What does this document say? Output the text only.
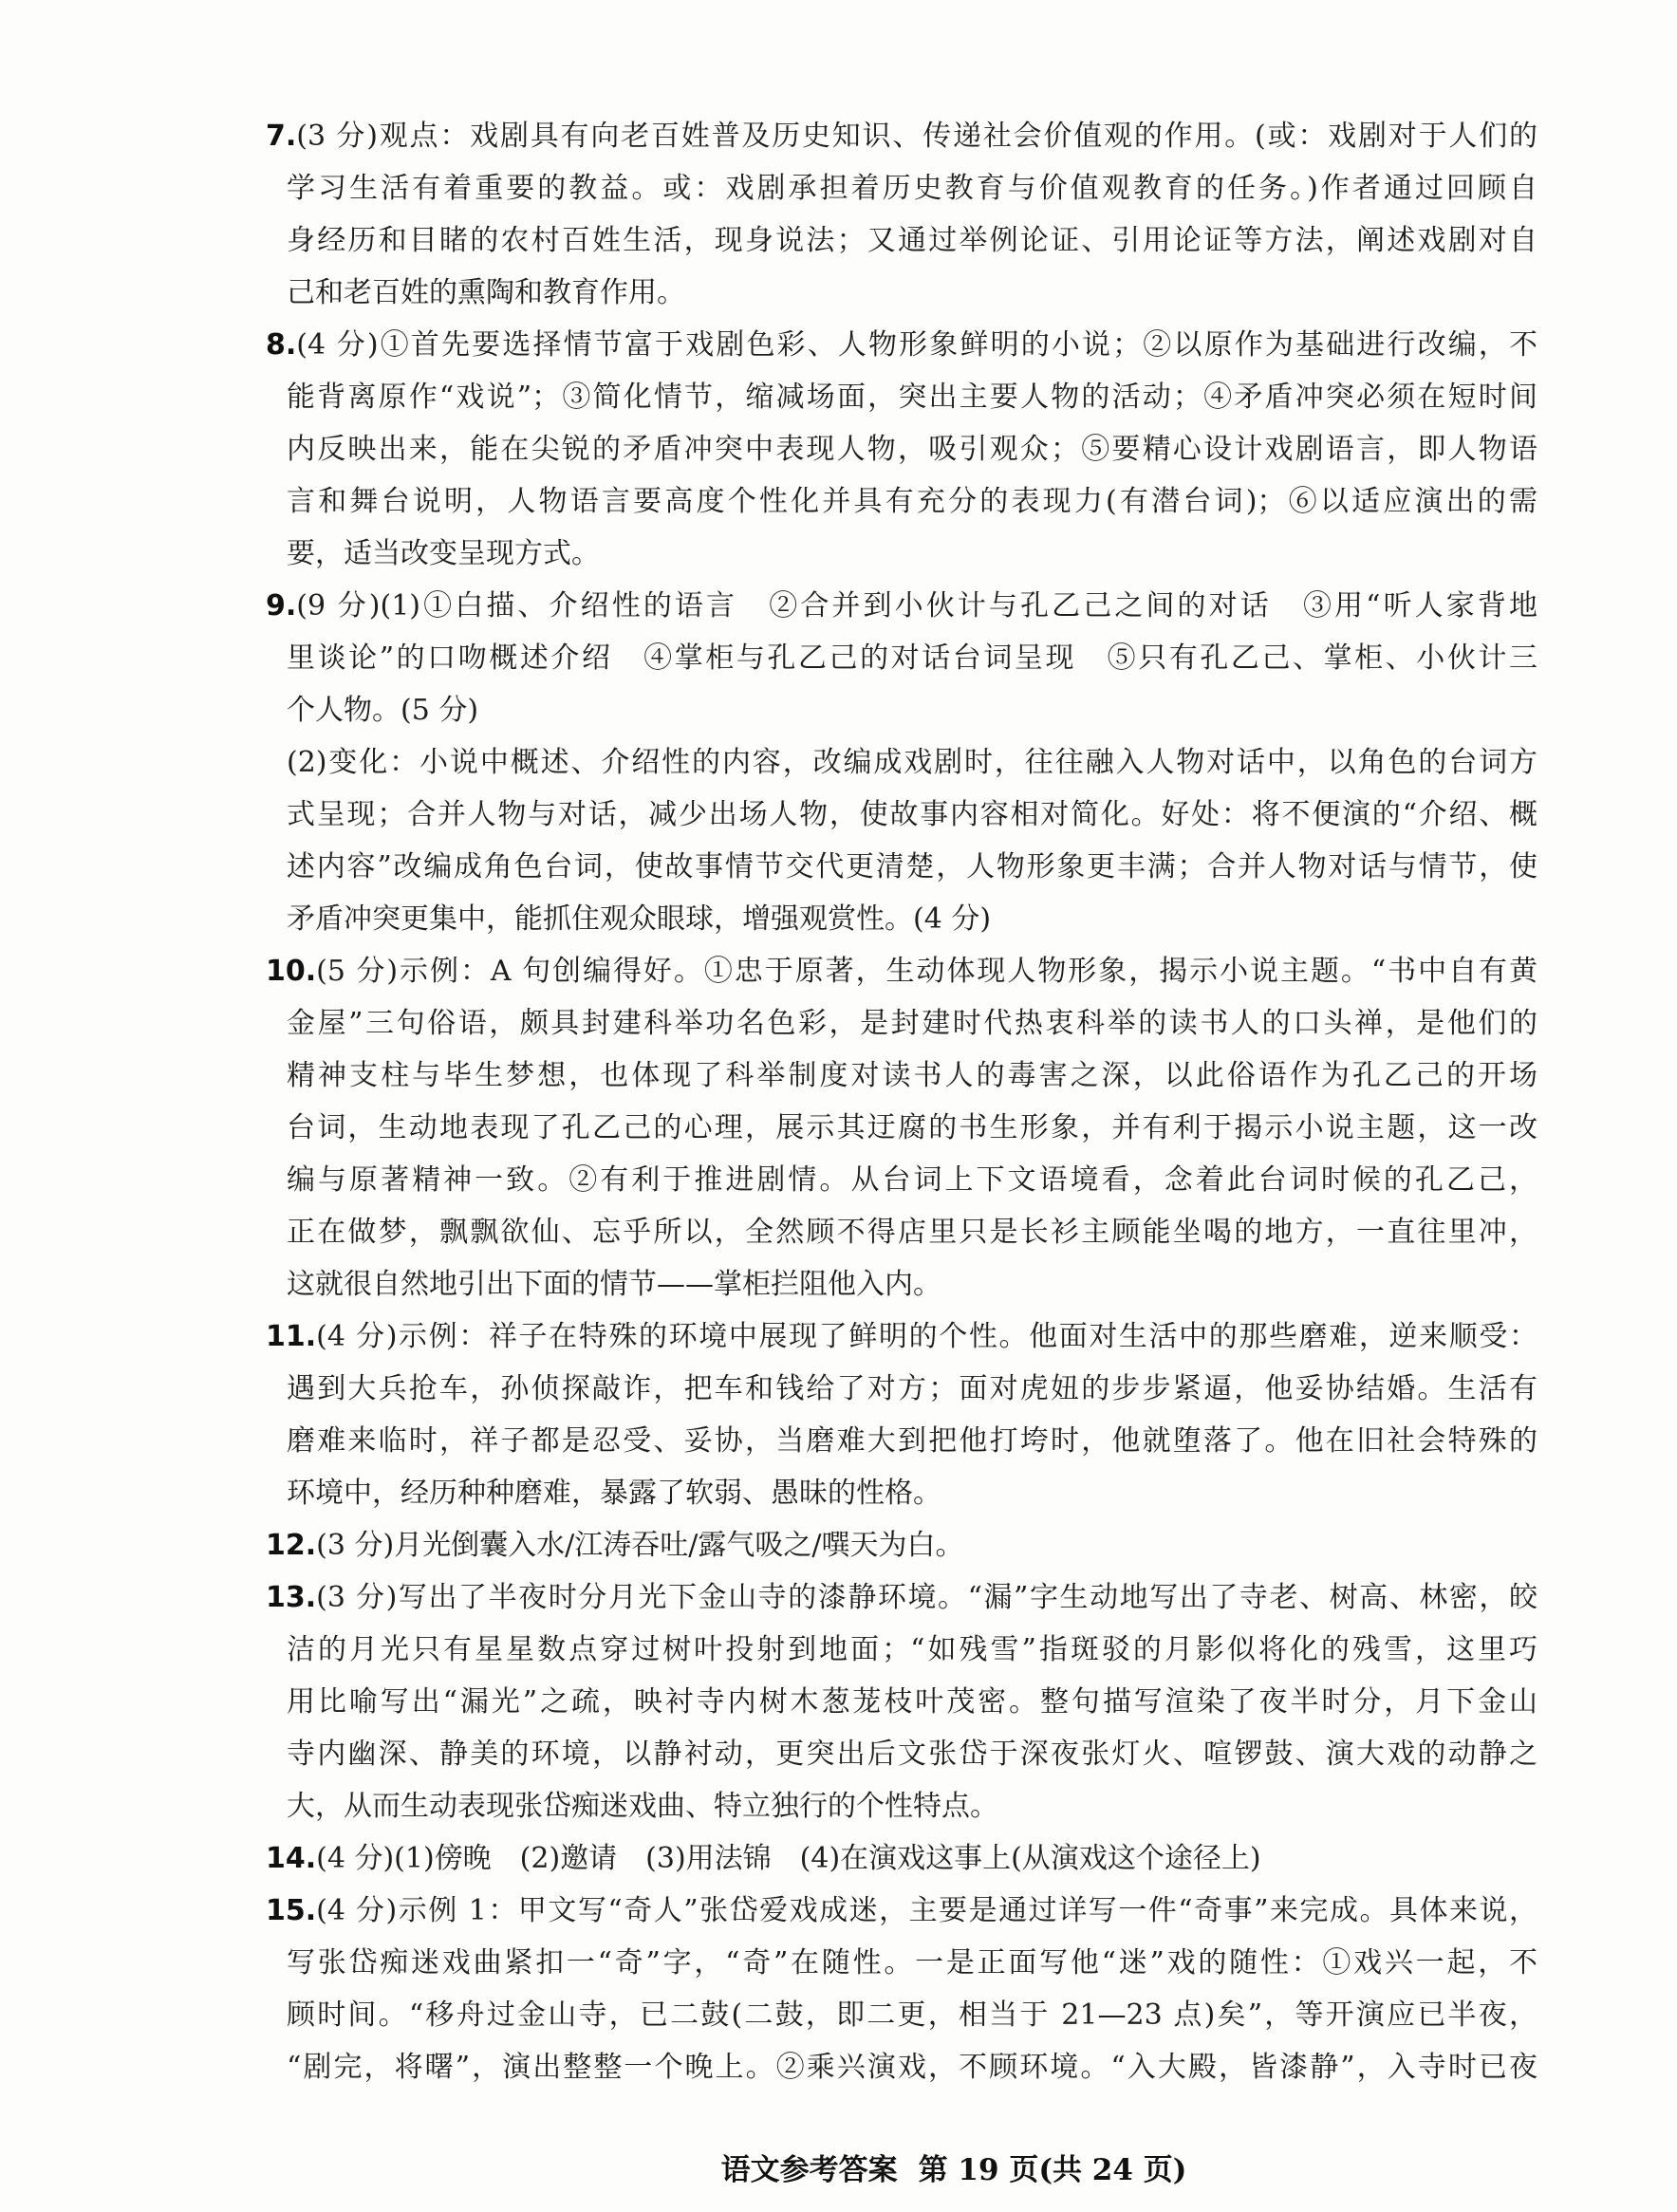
7.(3 分)观点：戏剧具有向老百姓普及历史知识、传递社会价值观的作用。(或：戏剧对于人们的
学习生活有着重要的教益。或：戏剧承担着历史教育与价值观教育的任务。)作者通过回顾自
身经历和目睹的农村百姓生活，现身说法；又通过举例论证、引用论证等方法，阐述戏剧对自
己和老百姓的熏陶和教育作用。
8.(4 分)①首先要选择情节富于戏剧色彩、人物形象鲜明的小说；②以原作为基础进行改编，不
能背离原作“戏说”；③简化情节，缩减场面，突出主要人物的活动；④矛盾冲突必须在短时间
内反映出来，能在尖锐的矛盾冲突中表现人物，吸引观众；⑤要精心设计戏剧语言，即人物语
言和舞台说明，人物语言要高度个性化并具有充分的表现力(有潜台词)；⑥以适应演出的需
要，适当改变呈现方式。
9.(9 分)(1)①白描、介绍性的语言　②合并到小伙计与孔乙己之间的对话　③用“听人家背地
里谈论”的口吻概述介绍　④掌柜与孔乙己的对话台词呈现　⑤只有孔乙己、掌柜、小伙计三
个人物。(5 分)
(2)变化：小说中概述、介绍性的内容，改编成戏剧时，往往融入人物对话中，以角色的台词方
式呈现；合并人物与对话，减少出场人物，使故事内容相对简化。好处：将不便演的“介绍、概
述内容”改编成角色台词，使故事情节交代更清楚，人物形象更丰满；合并人物对话与情节，使
矛盾冲突更集中，能抓住观众眼球，增强观赏性。(4 分)
10.(5 分)示例：A 句创编得好。①忠于原著，生动体现人物形象，揭示小说主题。“书中自有黄
金屋”三句俗语，颇具封建科举功名色彩，是封建时代热衷科举的读书人的口头禅，是他们的
精神支柱与毕生梦想，也体现了科举制度对读书人的毒害之深，以此俗语作为孔乙己的开场
台词，生动地表现了孔乙己的心理，展示其迂腐的书生形象，并有利于揭示小说主题，这一改
编与原著精神一致。②有利于推进剧情。从台词上下文语境看，念着此台词时候的孔乙己，
正在做梦，飘飘欲仙、忘乎所以，全然顾不得店里只是长衫主顾能坐喝的地方，一直往里冲，
这就很自然地引出下面的情节——掌柜拦阻他入内。
11.(4 分)示例：祥子在特殊的环境中展现了鲜明的个性。他面对生活中的那些磨难，逆来顺受：
遇到大兵抢车，孙侦探敲诈，把车和钱给了对方；面对虎妞的步步紧逼，他妥协结婚。生活有
磨难来临时，祥子都是忍受、妥协，当磨难大到把他打垮时，他就堕落了。他在旧社会特殊的
环境中，经历种种磨难，暴露了软弱、愚昧的性格。
12.(3 分)月光倒囊入水/江涛吞吐/露气吸之/噀天为白。
13.(3 分)写出了半夜时分月光下金山寺的漆静环境。“漏”字生动地写出了寺老、树高、林密，皎
洁的月光只有星星数点穿过树叶投射到地面；“如残雪”指斑驳的月影似将化的残雪，这里巧
用比喻写出“漏光”之疏，映衬寺内树木葱茏枝叶茂密。整句描写渲染了夜半时分，月下金山
寺内幽深、静美的环境，以静衬动，更突出后文张岱于深夜张灯火、喧锣鼓、演大戏的动静之
大，从而生动表现张岱痴迷戏曲、特立独行的个性特点。
14.(4 分)(1)傍晚　(2)邀请　(3)用法锦　(4)在演戏这事上(从演戏这个途径上)
15.(4 分)示例 1：甲文写“奇人”张岱爱戏成迷，主要是通过详写一件“奇事”来完成。具体来说，
写张岱痴迷戏曲紧扣一“奇”字，“奇”在随性。一是正面写他“迷”戏的随性：①戏兴一起，不
顾时间。“移舟过金山寺，已二鼓(二鼓，即二更，相当于 21—23 点)矣”，等开演应已半夜，
“剧完，将曙”，演出整整一个晚上。②乘兴演戏，不顾环境。“入大殿，皆漆静”，入寺时已夜
语文参考答案 第 19 页(共 24 页)
